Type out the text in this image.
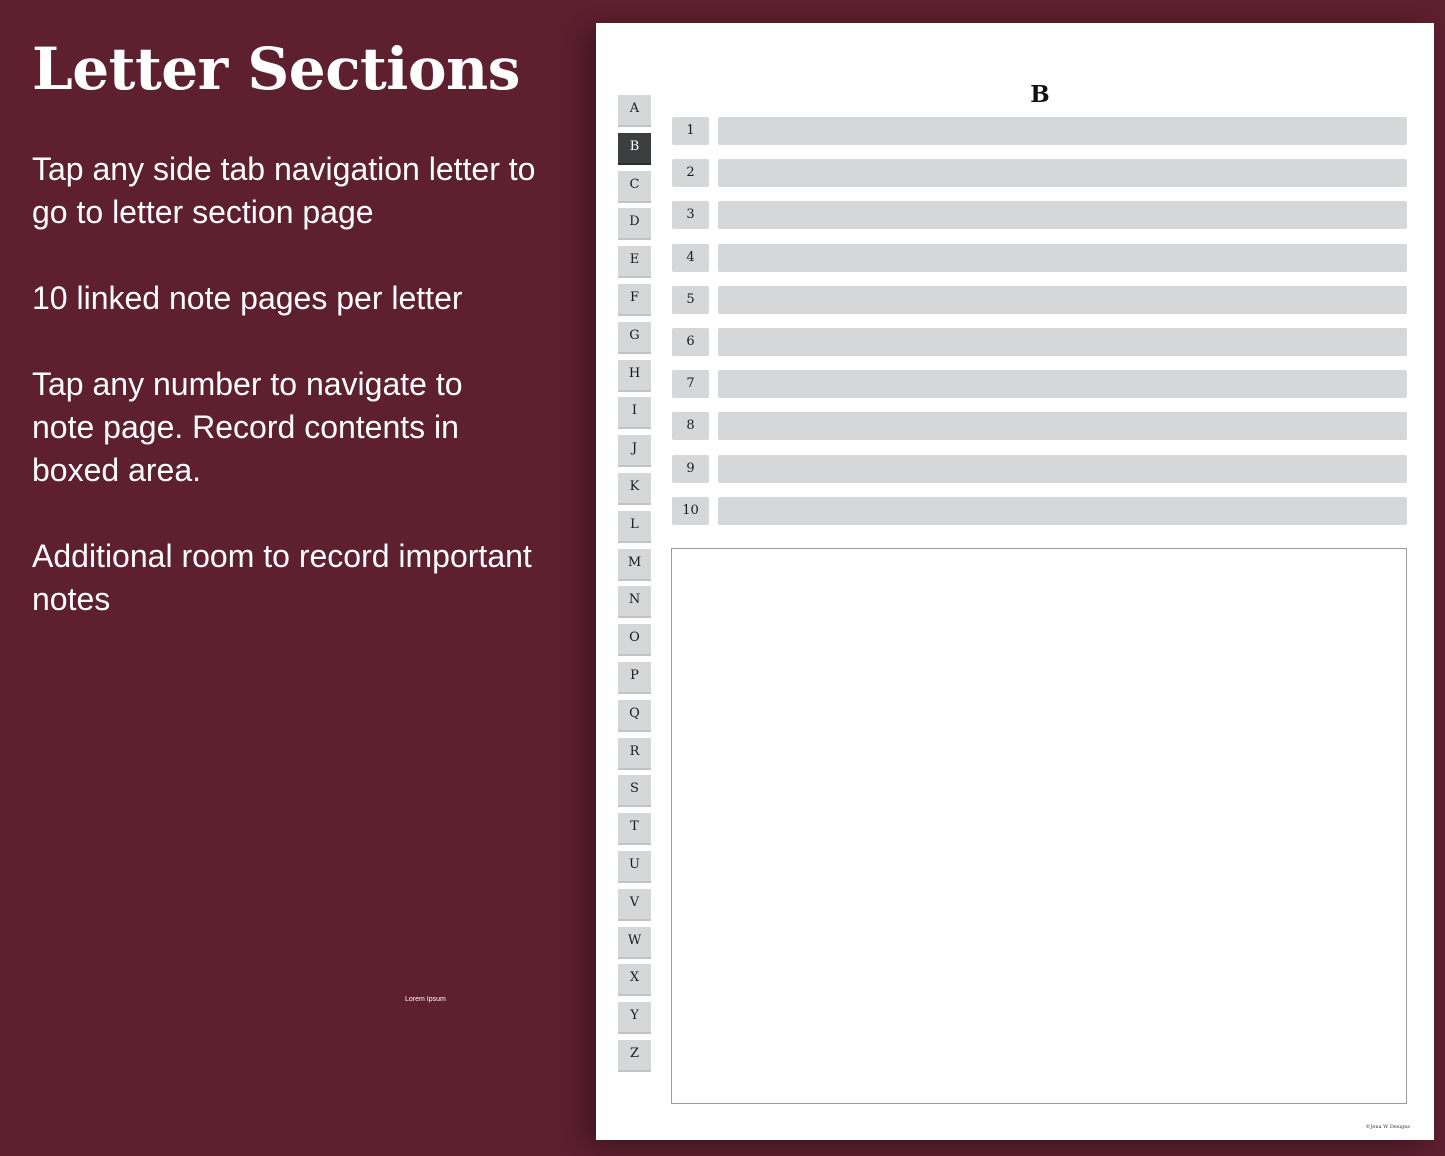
Letter Sections

Tap any side tab navigation letter to go to letter section page

10 linked note pages per letter

Tap any number to navigate to note page. Record contents in boxed area.

Additional room to record important notes

Lorem Ipsum
B
A
B
C
D
E
F
G
H
I
J
K
L
M
N
O
P
Q
R
S
T
U
V
W
X
Y
Z
1
2
3
4
5
6
7
8
9
10
©Jena W Designs
